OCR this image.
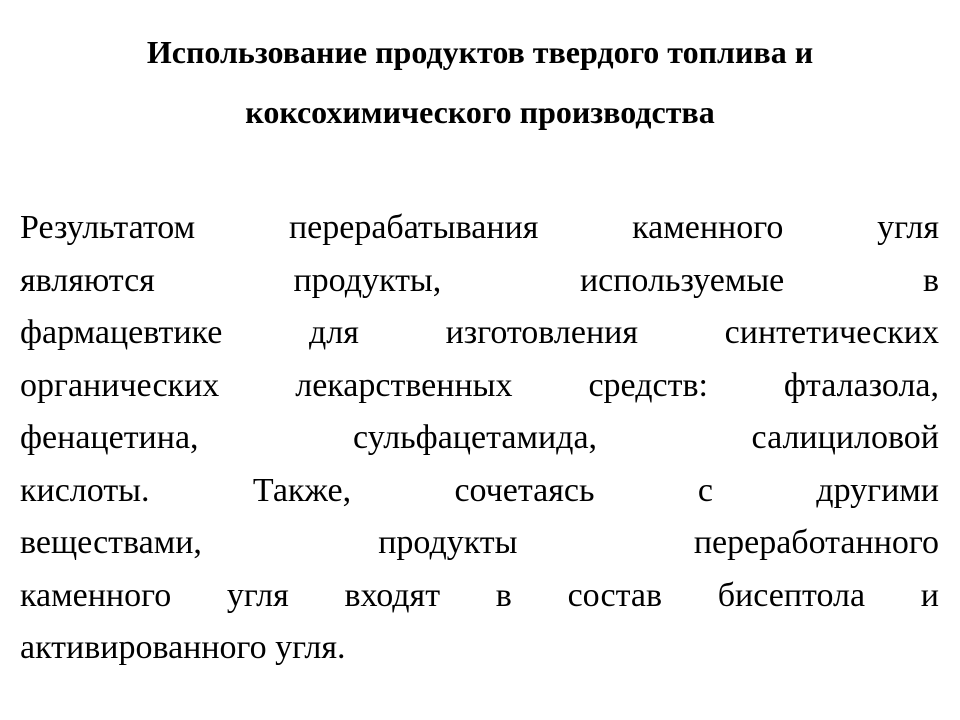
Использование продуктов твердого топлива и
коксохимического производства

Результатом перерабатывания каменного угля
являются продукты, используемые в
фармацевтике для изготовления синтетических
органических лекарственных средств: фталазола,
фенацетина, сульфацетамида, салициловой
кислоты. Также, сочетаясь с другими
веществами, продукты переработанного
каменного угля входят в состав бисептола и
активированного угля.
